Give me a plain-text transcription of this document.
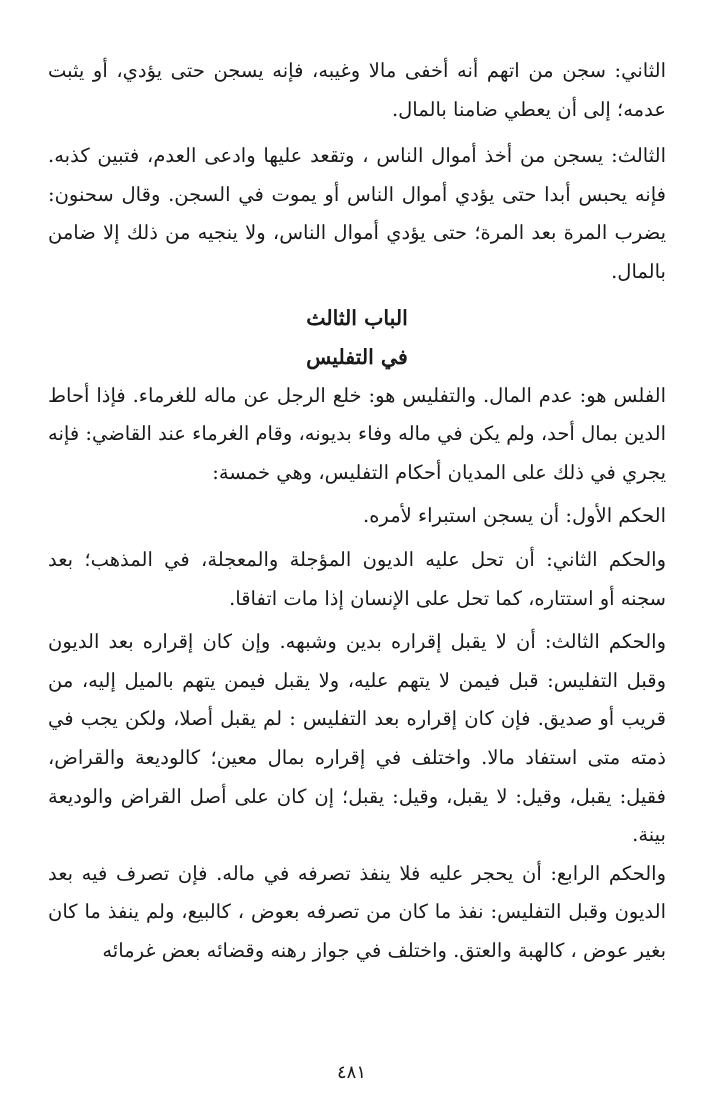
الثاني: سجن من اتهم أنه أخفى مالا وغيبه، فإنه يسجن حتى يؤدي، أو يثبت عدمه؛ إلى أن يعطي ضامنا بالمال.

الثالث: يسجن من أخذ أموال الناس ، وتقعد عليها وادعى العدم، فتبين كذبه. فإنه يحبس أبدا حتى يؤدي أموال الناس أو يموت في السجن. وقال سحنون: يضرب المرة بعد المرة؛ حتى يؤدي أموال الناس، ولا ينجيه من ذلك إلا ضامن بالمال.

الباب الثالث

في التفليس

الفلس هو: عدم المال. والتفليس هو: خلع الرجل عن ماله للغرماء. فإذا أحاط الدين بمال أحد، ولم يكن في ماله وفاء بديونه، وقام الغرماء عند القاضي: فإنه يجري في ذلك على المديان أحكام التفليس، وهي خمسة:

الحكم الأول: أن يسجن استبراء لأمره.

والحكم الثاني: أن تحل عليه الديون المؤجلة والمعجلة، في المذهب؛ بعد سجنه أو استتاره، كما تحل على الإنسان إذا مات اتفاقا.

والحكم الثالث: أن لا يقبل إقراره بدين وشبهه. وإن كان إقراره بعد الديون وقبل التفليس: قبل فيمن لا يتهم عليه، ولا يقبل فيمن يتهم بالميل إليه، من قريب أو صديق. فإن كان إقراره بعد التفليس : لم يقبل أصلا، ولكن يجب في ذمته متى استفاد مالا. واختلف في إقراره بمال معين؛ كالوديعة والقراض، فقيل: يقبل، وقيل: لا يقبل، وقيل: يقبل؛ إن كان على أصل القراض والوديعة بينة.

والحكم الرابع: أن يحجر عليه فلا ينفذ تصرفه في ماله. فإن تصرف فيه بعد الديون وقبل التفليس: نفذ ما كان من تصرفه بعوض ، كالبيع، ولم ينفذ ما كان بغير عوض ، كالهبة والعتق. واختلف في جواز رهنه وقضائه بعض غرمائه

٤٨١
